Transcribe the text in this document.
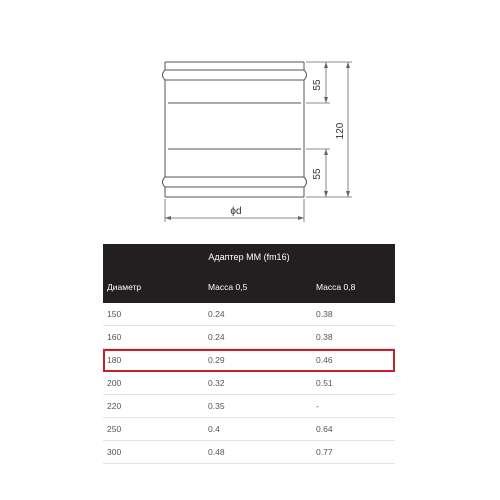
55
55
120
ϕd
Адаптер ММ (fm16)
Диаметр	Масса 0,5	Масса 0,8
150	0.24	0.38
160	0.24	0.38
180	0.29	0.46
200	0.32	0.51
220	0.35	-
250	0.4	0.64
300	0.48	0.77
